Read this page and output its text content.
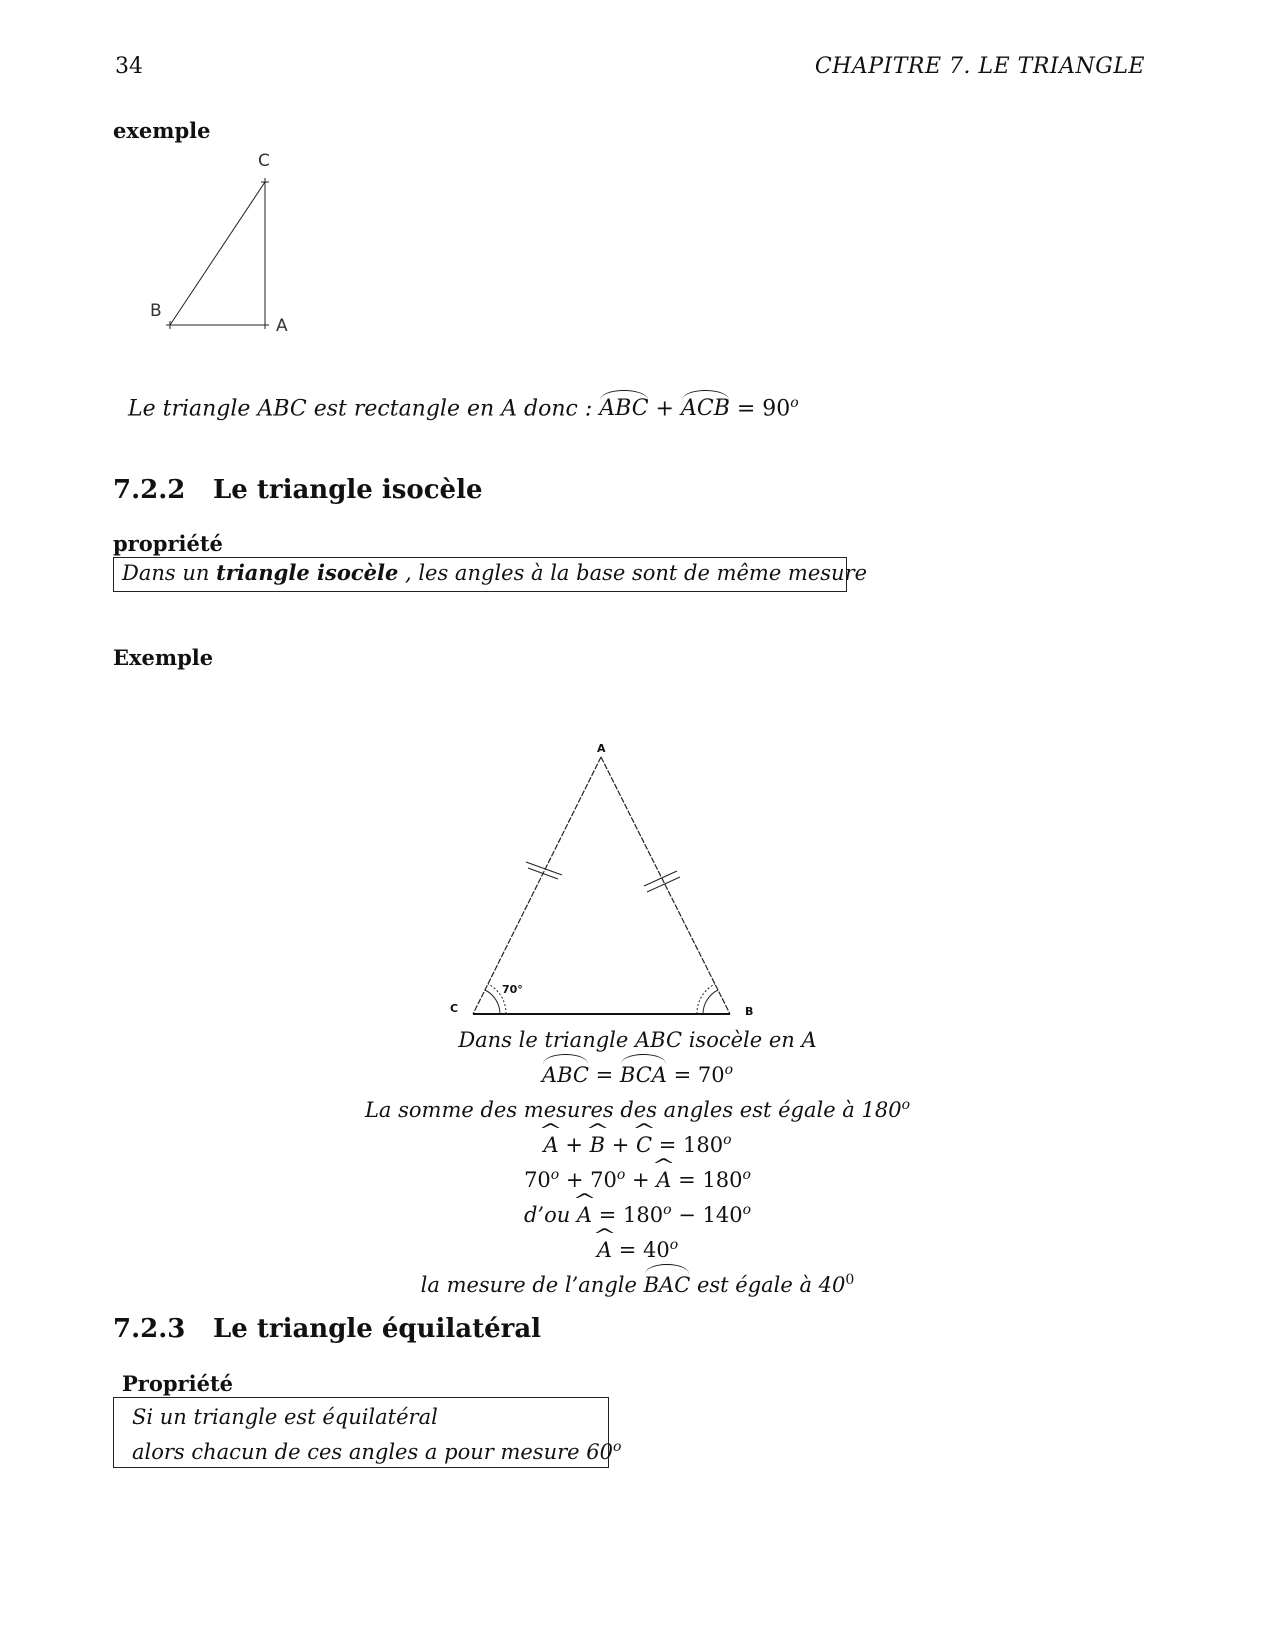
34	CHAPITRE 7. LE TRIANGLE
exemple
C
B
A
Le triangle ABC est rectangle en A donc : ABC + ACB = $90^o$
7.2.2 Le triangle isocèle
propriété
Dans un triangle isocèle , les angles à la base sont de même mesure
Exemple
A
C	B
70°
Dans le triangle ABC isocèle en A
ABC = BCA = $70^o$
La somme des mesures des angles est égale à 180$^o$
^ A + ^ B + ^ $C = 180^o$
$70^o + 70^o$ + ^ $A = 180^o$
d’ou ^ $A = 180^o - 140^o$
^ $A = 40^o$
la mesure de l’angle BAC est égale à $40^0$
7.2.3 Le triangle équilatéral
Propriété
Si un triangle est équilatéral
alors chacun de ces angles a pour mesure 60$^o$
